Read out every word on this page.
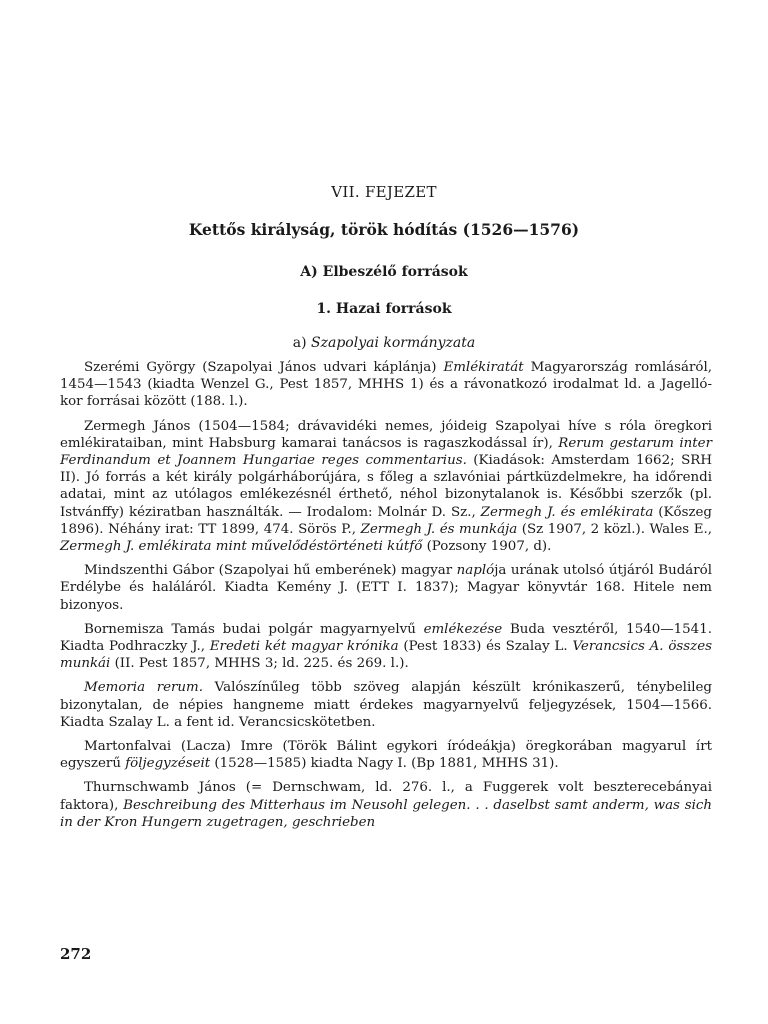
VII. FEJEZET
Kettős királyság, török hódítás (1526—1576)
A) Elbeszélő források
1. Hazai források
a) Szapolyai kormányzata

Szerémi György (Szapolyai János udvari káplánja) Emlékiratát Magyarország romlásáról, 1454—1543 (kiadta Wenzel G., Pest 1857, MHHS 1) és a rávonatkozó irodalmat ld. a Jagelló-kor forrásai között (188. l.).

Zermegh János (1504—1584; drávavidéki nemes, jóideig Szapolyai híve s róla öregkori emlékirataiban, mint Habsburg kamarai tanácsos is ragaszkodással ír), Rerum gestarum inter Ferdinandum et Joannem Hungariae reges commentarius. (Kiadások: Amsterdam 1662; SRH II). Jó forrás a két király polgárháborújára, s főleg a szlavóniai pártküzdelmekre, ha időrendi adatai, mint az utólagos emlékezésnél érthető, néhol bizonytalanok is. Későbbi szerzők (pl. Istvánffy) kéziratban használták. — Irodalom: Molnár D. Sz., Zermegh J. és emlékirata (Kőszeg 1896). Néhány irat: TT 1899, 474. Sörös P., Zermegh J. és munkája (Sz 1907, 2 közl.). Wales E., Zermegh J. emlékirata mint művelődéstörténeti kútfő (Pozsony 1907, d).

Mindszenthi Gábor (Szapolyai hű emberének) magyar naplója urának utolsó útjáról Budáról Erdélybe és haláláról. Kiadta Kemény J. (ETT I. 1837); Magyar könyvtár 168. Hitele nem bizonyos.

Bornemisza Tamás budai polgár magyarnyelvű emlékezése Buda vesztéről, 1540—1541. Kiadta Podhraczky J., Eredeti két magyar krónika (Pest 1833) és Szalay L. Verancsics A. összes munkái (II. Pest 1857, MHHS 3; ld. 225. és 269. l.).

Memoria rerum. Valószínűleg több szöveg alapján készült krónikaszerű, ténybelileg bizonytalan, de népies hangneme miatt érdekes magyarnyelvű feljegyzések, 1504—1566. Kiadta Szalay L. a fent id. Verancsicskötetben.

Martonfalvai (Lacza) Imre (Török Bálint egykori íródeákja) öregkorában magyarul írt egyszerű följegyzéseit (1528—1585) kiadta Nagy I. (Bp 1881, MHHS 31).

Thurnschwamb János (= Dernschwam, ld. 276. l., a Fuggerek volt beszterecebányai faktora), Beschreibung des Mitterhaus im Neusohl gelegen. . . daselbst samt anderm, was sich in der Kron Hungern zugetragen, geschrieben

272
